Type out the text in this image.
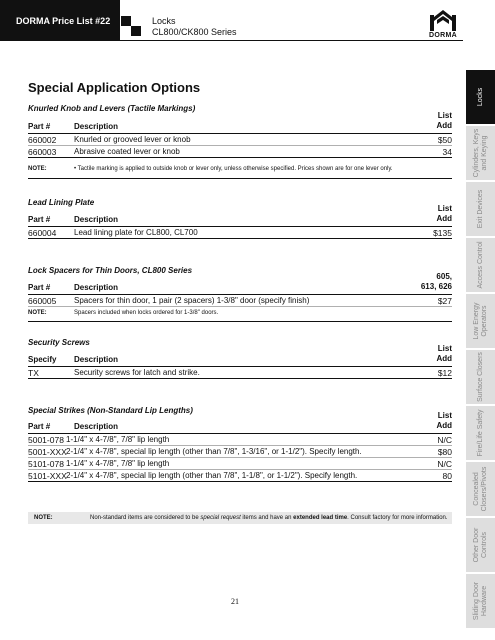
DORMA Price List #22	Locks
CL800/CK800 Series	DORMA
Locks
Cylinders, Keys and Keying
Exit Devices
Access Control
Low Energy Operators
Surface Closers
Fire/Life Safety
Concealed Closers/Pivots
Other Door Controls
Sliding Door Hardware
Special Application Options
Knurled Knob and Levers (Tactile Markings)
Part #	Description
List
Add
660002 Knurled or grooved lever or knob	$50
660003 Abrasive coated lever or knob	34
NOTE:	• Tactile marking is applied to outside knob or lever only, unless otherwise specified. Prices shown are for one lever only.
Lead Lining Plate
Part #	Description
List
Add
660004 Lead lining plate for CL800, CL700	$135
Lock Spacers for Thin Doors, CL800 Series
Part #	Description
605,
613, 626
660005 Spacers for thin door, 1 pair (2 spacers) 1-3/8" door (specify finish)	$27
NOTE:	Spacers included when locks ordered for 1-3/8" doors.
Security Screws
Specify Description
List
Add
TX	Security screws for latch and strike.	$12
Special Strikes (Non-Standard Lip Lengths)
Part #	Description
List
Add
5001-078 1-1/4" x 4-7/8", 7/8" lip length	N/C
5001-XXX 2-1/4" x 4-7/8", special lip length (other than 7/8", 1-3/16", or 1-1/2"). Specify length.	$80
5101-078 1-1/4" x 4-7/8", 7/8" lip length	N/C
5101-XXX 2-1/4" x 4-7/8", special lip length (other than 7/8", 1-1/8", or 1-1/2"). Specify length.	80
NOTE:	Non-standard items are considered to be special request items and have an extended lead time. Consult factory for more information.
21
